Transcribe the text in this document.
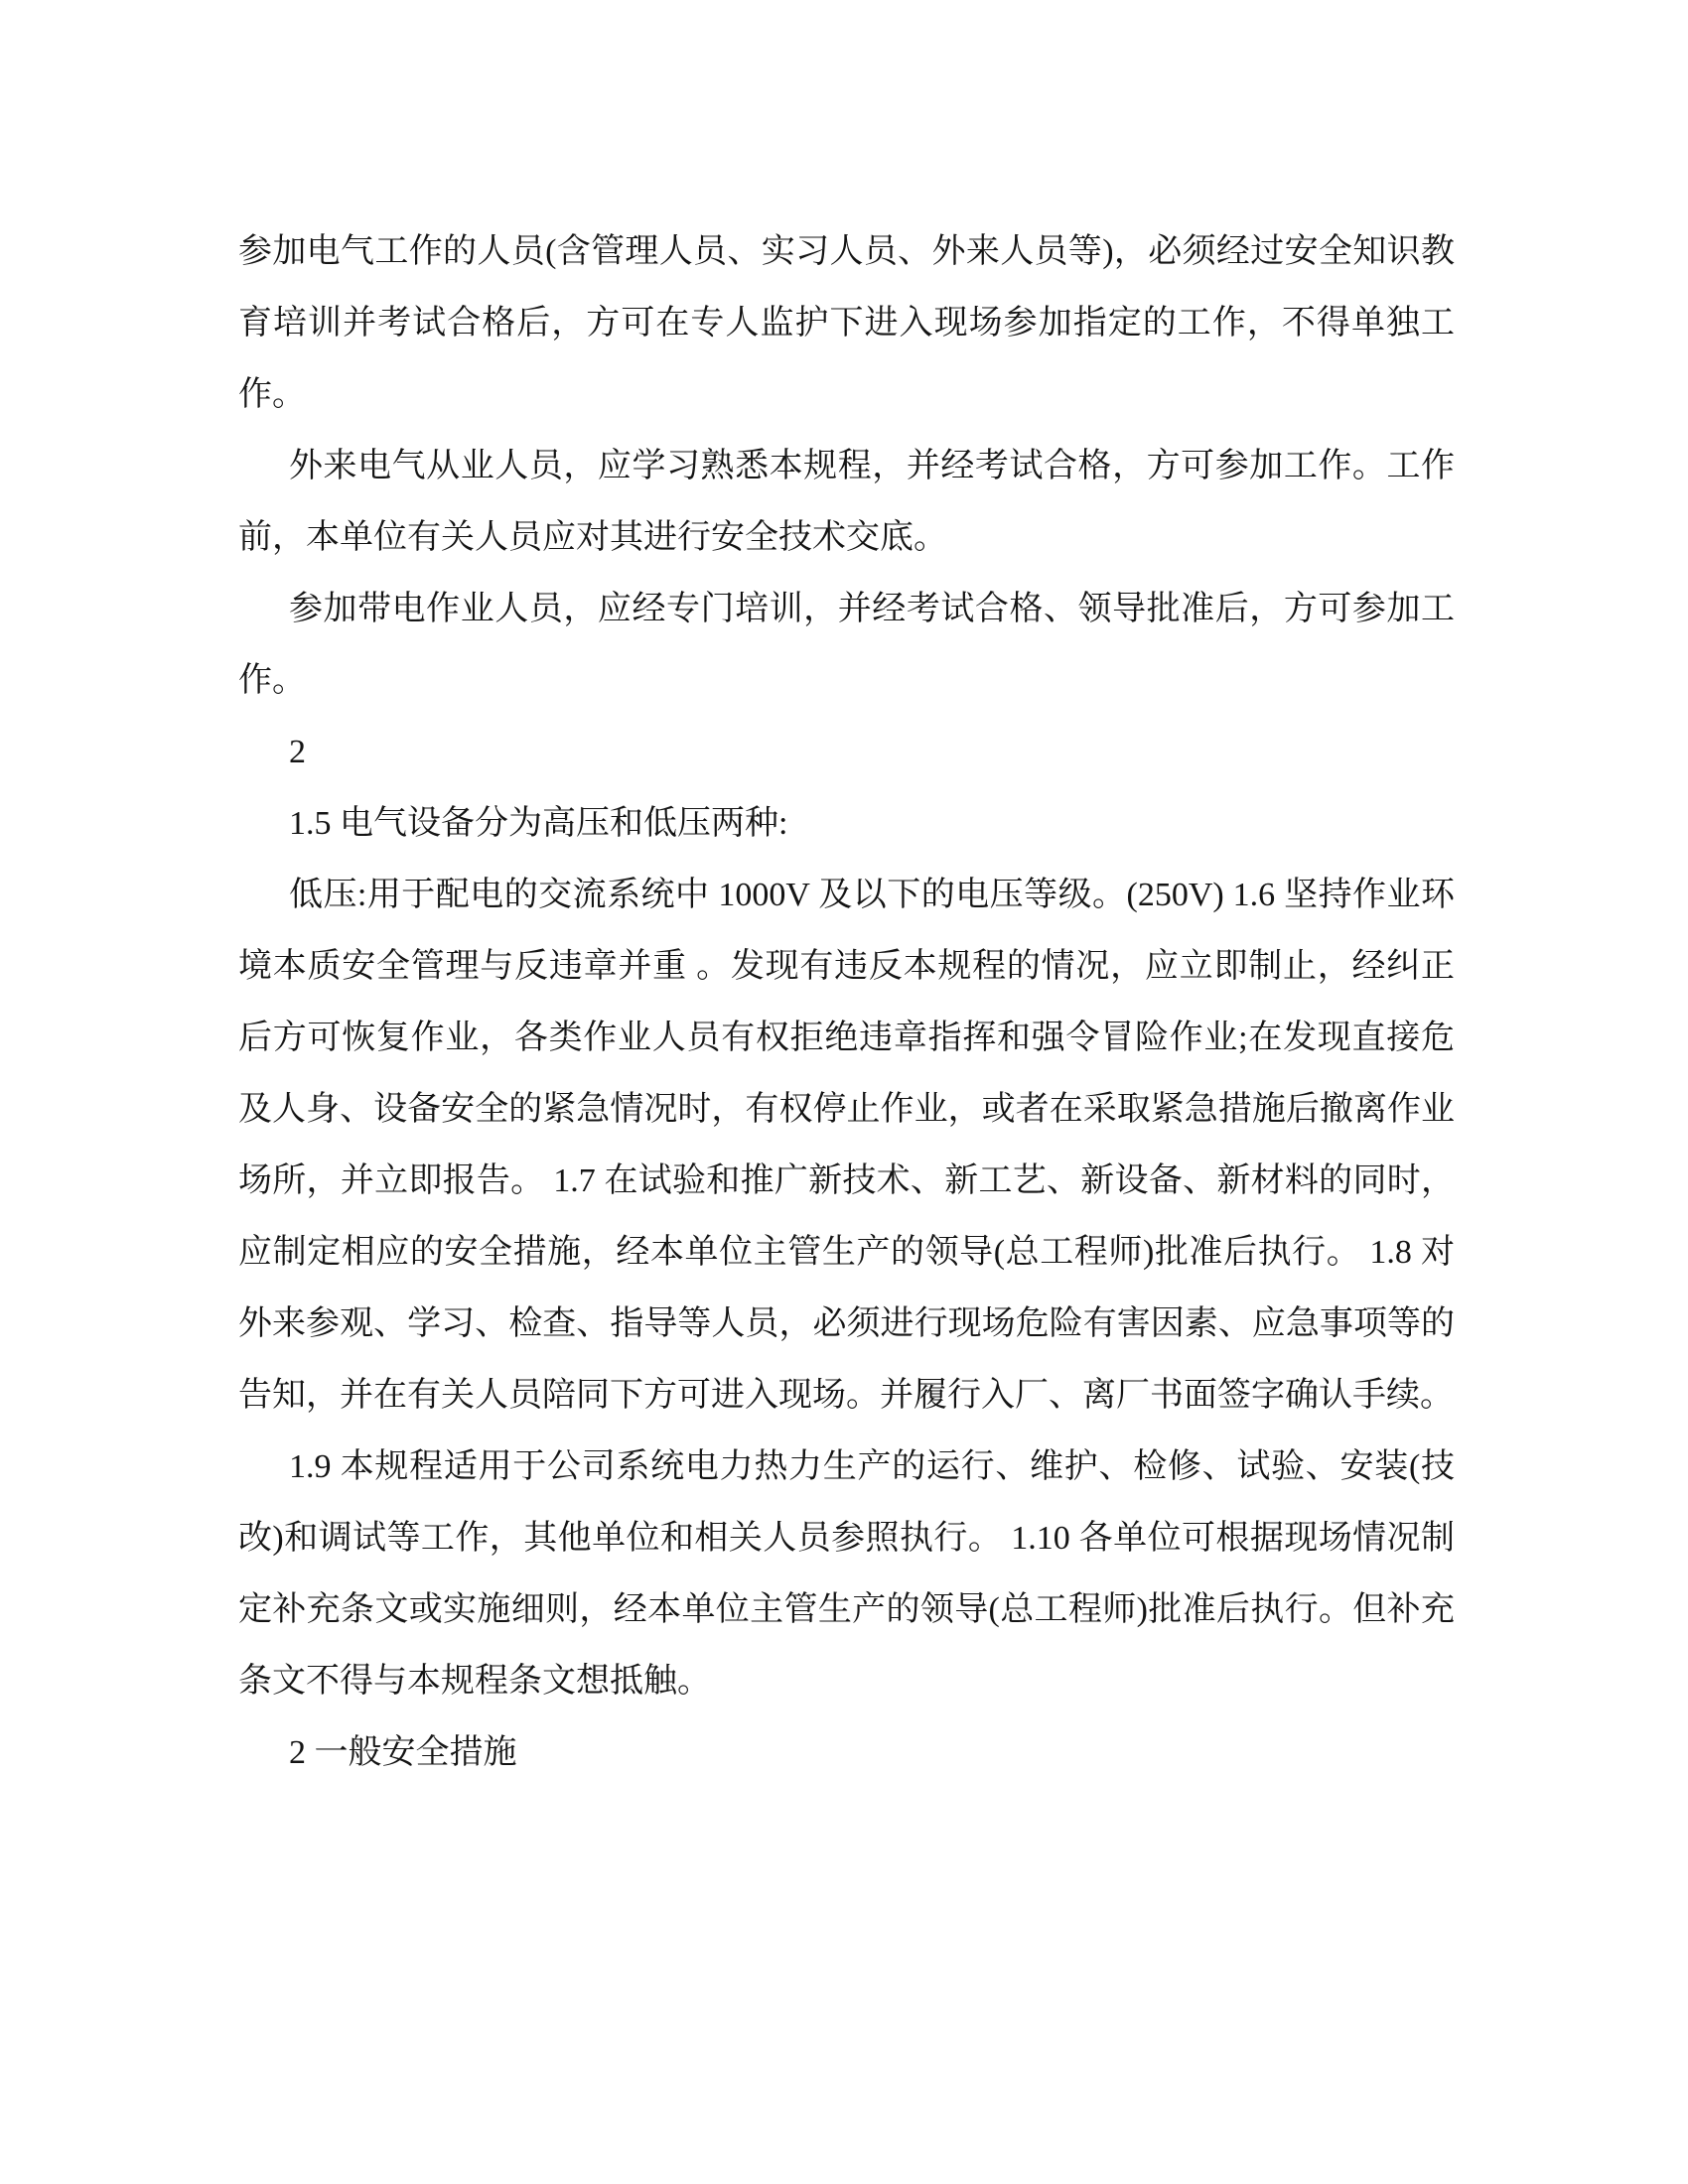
参加电气工作的人员(含管理人员、实习人员、外来人员等)，必须经过安全知识教育培训并考试合格后，方可在专人监护下进入现场参加指定的工作，不得单独工作。

外来电气从业人员，应学习熟悉本规程，并经考试合格，方可参加工作。工作前，本单位有关人员应对其进行安全技术交底。

参加带电作业人员，应经专门培训，并经考试合格、领导批准后，方可参加工作。

2

1.5 电气设备分为高压和低压两种:

低压:用于配电的交流系统中 1000V 及以下的电压等级。(250V) 1.6 坚持作业环境本质安全管理与反违章并重 。发现有违反本规程的情况，应立即制止，经纠正后方可恢复作业，各类作业人员有权拒绝违章指挥和强令冒险作业;在发现直接危及人身、设备安全的紧急情况时，有权停止作业，或者在采取紧急措施后撤离作业场所，并立即报告。 1.7 在试验和推广新技术、新工艺、新设备、新材料的同时，应制定相应的安全措施，经本单位主管生产的领导(总工程师)批准后执行。 1.8 对外来参观、学习、检查、指导等人员，必须进行现场危险有害因素、应急事项等的告知，并在有关人员陪同下方可进入现场。并履行入厂、离厂书面签字确认手续。

1.9 本规程适用于公司系统电力热力生产的运行、维护、检修、试验、安装(技改)和调试等工作，其他单位和相关人员参照执行。 1.10 各单位可根据现场情况制定补充条文或实施细则，经本单位主管生产的领导(总工程师)批准后执行。但补充条文不得与本规程条文想抵触。

2 一般安全措施
